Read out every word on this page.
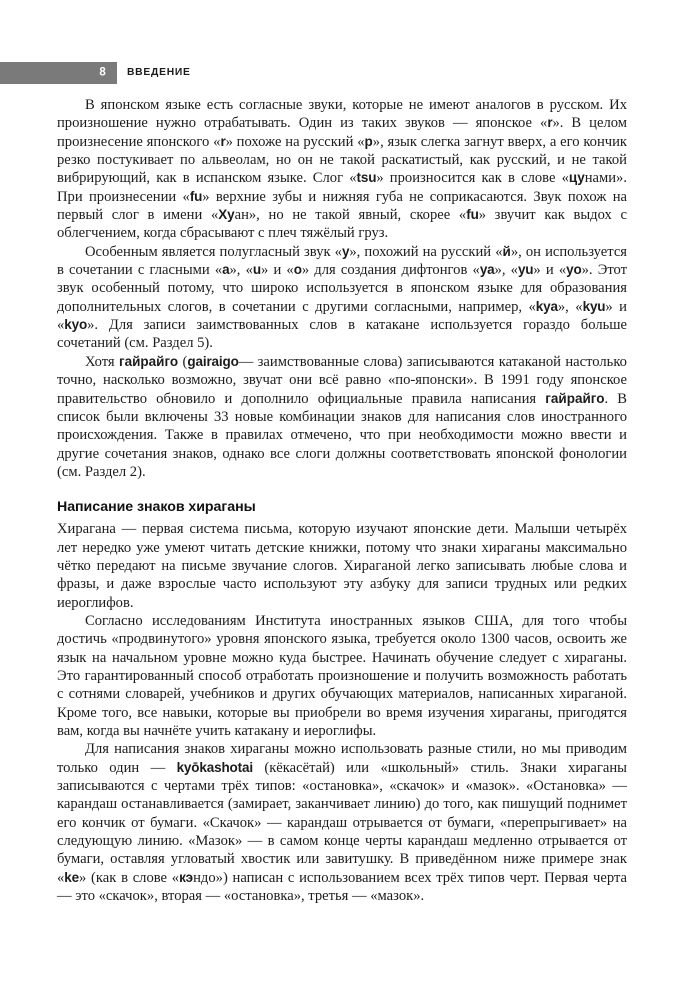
8 ВВЕДЕНИЕ

В японском языке есть согласные звуки, которые не имеют аналогов в русском. Их произношение нужно отрабатывать. Один из таких звуков — японское «r». В целом произнесение японского «r» похоже на русский «р», язык слегка загнут вверх, а его кончик резко постукивает по альвеолам, но он не такой раскатистый, как русский, и не такой вибрирующий, как в испанском языке. Слог «tsu» произносится как в слове «цунами». При произнесении «fu» верхние зубы и нижняя губа не соприкасаются. Звук похож на первый слог в имени «Хуан», но не такой явный, скорее «fu» звучит как выдох с облегчением, когда сбрасывают с плеч тяжёлый груз.

Особенным является полугласный звук «y», похожий на русский «й», он используется в сочетании с гласными «a», «u» и «o» для создания дифтонгов «ya», «yu» и «yo». Этот звук особенный потому, что широко используется в японском языке для образования дополнительных слогов, в сочетании с другими согласными, например, «kya», «kyu» и «kyo». Для записи заимствованных слов в катакане используется гораздо больше сочетаний (см. Раздел 5).

Хотя гайрайго (gairaigo— заимствованные слова) записываются катаканой настолько точно, насколько возможно, звучат они всё равно «по-японски». В 1991 году японское правительство обновило и дополнило официальные правила написания гайрайго. В список были включены 33 новые комбинации знаков для написания слов иностранного происхождения. Также в правилах отмечено, что при необходимости можно ввести и другие сочетания знаков, однако все слоги должны соответствовать японской фонологии (см. Раздел 2).

Написание знаков хираганы

Хирагана — первая система письма, которую изучают японские дети. Малыши четырёх лет нередко уже умеют читать детские книжки, потому что знаки хираганы максимально чётко передают на письме звучание слогов. Хираганой легко записывать любые слова и фразы, и даже взрослые часто используют эту азбуку для записи трудных или редких иероглифов.

Согласно исследованиям Института иностранных языков США, для того чтобы достичь «продвинутого» уровня японского языка, требуется около 1300 часов, освоить же язык на начальном уровне можно куда быстрее. Начинать обучение следует с хираганы. Это гарантированный способ отработать произношение и получить возможность работать с сотнями словарей, учебников и других обучающих материалов, написанных хираганой. Кроме того, все навыки, которые вы приобрели во время изучения хираганы, пригодятся вам, когда вы начнёте учить катакану и иероглифы.

Для написания знаков хираганы можно использовать разные стили, но мы приводим только один — kyōkashotai (кёкасётай) или «школьный» стиль. Знаки хираганы записываются с чертами трёх типов: «остановка», «скачок» и «мазок». «Остановка» — карандаш останавливается (замирает, заканчивает линию) до того, как пишущий поднимет его кончик от бумаги. «Скачок» — карандаш отрывается от бумаги, «перепрыгивает» на следующую линию. «Мазок» — в самом конце черты карандаш медленно отрывается от бумаги, оставляя угловатый хвостик или завитушку. В приведённом ниже примере знак «ke» (как в слове «кэндо») написан с использованием всех трёх типов черт. Первая черта — это «скачок», вторая — «остановка», третья — «мазок».
